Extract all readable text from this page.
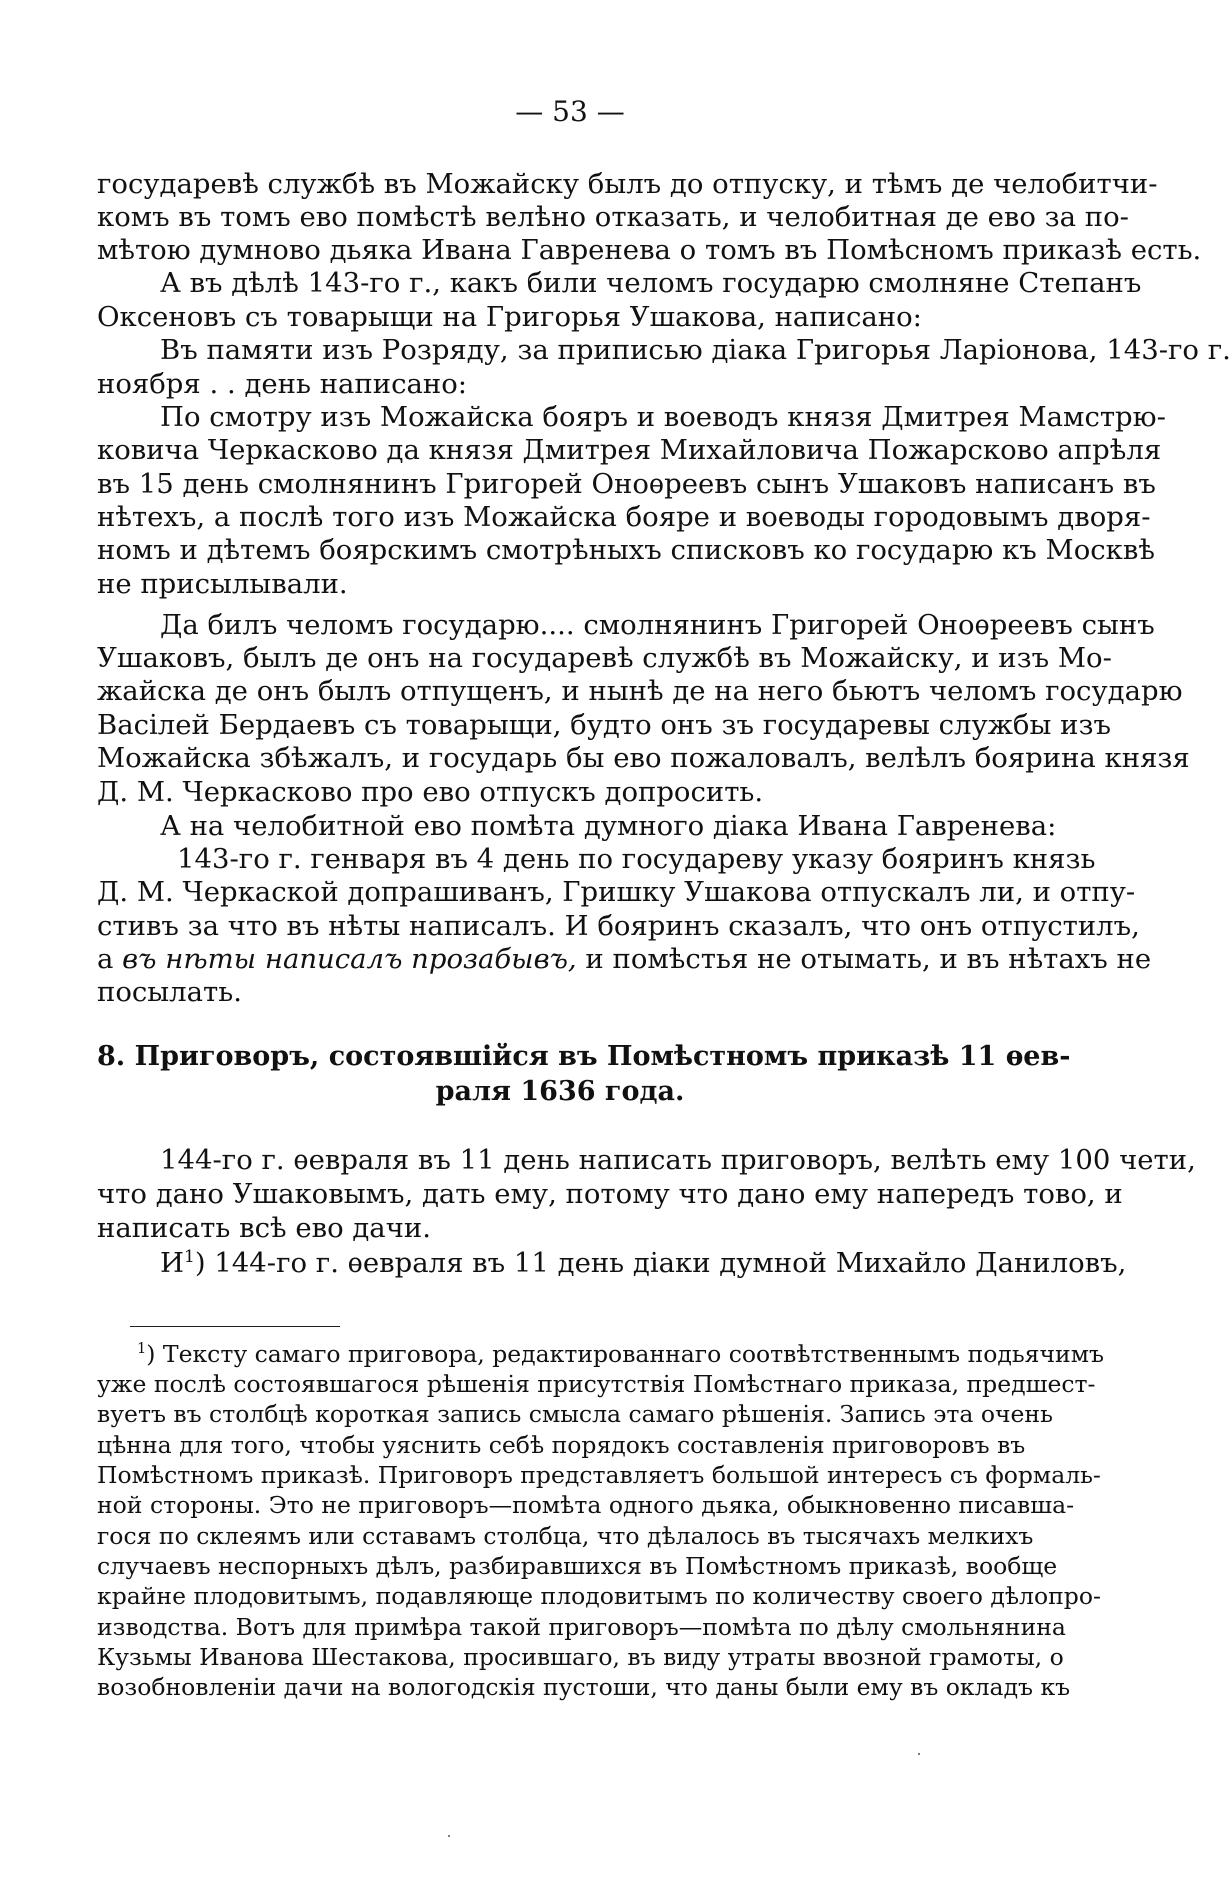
— 53 —
государевѣ службѣ въ Можайску былъ до отпуску, и тѣмъ де челобитчи-
комъ въ томъ ево помѣстѣ велѣно отказать, и челобитная де ево за по-
мѣтою думново дьяка Ивана Гавренева о томъ въ Помѣсномъ приказѣ есть.
А въ дѣлѣ 143-го г., какъ били челомъ государю смолняне Степанъ
Оксеновъ съ товарыщи на Григорья Ушакова, написано:
Въ памяти изъ Розряду, за приписью діака Григорья Ларіонова, 143-го г.
ноября . . день написано:
По смотру изъ Можайска бояръ и воеводъ князя Дмитрея Мамстрю-
ковича Черкасково да князя Дмитрея Михайловича Пожарсково апрѣля
въ 15 день смолнянинъ Григорей Оноѳреевъ сынъ Ушаковъ написанъ въ
нѣтехъ, а послѣ того изъ Можайска бояре и воеводы городовымъ дворя-
номъ и дѣтемъ боярскимъ смотрѣныхъ списковъ ко государю къ Москвѣ
не присылывали.
Да билъ челомъ государю.... смолнянинъ Григорей Оноѳреевъ сынъ
Ушаковъ, былъ де онъ на государевѣ службѣ въ Можайску, и изъ Мо-
жайска де онъ былъ отпущенъ, и нынѣ де на него бьютъ челомъ государю
Васілей Бердаевъ съ товарыщи, будто онъ зъ государевы службы изъ
Можайска збѣжалъ, и государь бы ево пожаловалъ, велѣлъ боярина князя
Д. М. Черкасково про ево отпускъ допросить.
А на челобитной ево помѣта думного діака Ивана Гавренева:
143-го г. генваря въ 4 день по государеву указу бояринъ князь
Д. М. Черкаской допрашиванъ, Гришку Ушакова отпускалъ ли, и отпу-
стивъ за что въ нѣты написалъ. И бояринъ сказалъ, что онъ отпустилъ,
а въ нѣты написалъ прозабывъ, и помѣстья не отымать, и въ нѣтахъ не
посылать.
8. Приговоръ, состоявшійся въ Помѣстномъ приказѣ 11 ѳев-
раля 1636 года.
144-го г. ѳевраля въ 11 день написать приговоръ, велѣть ему 100 чети,
что дано Ушаковымъ, дать ему, потому что дано ему напередъ тово, и
написать всѣ ево дачи.
$И^1$) 144-го г. ѳевраля въ 11 день діаки думной Михайло Даниловъ,
$^1$) Тексту самаго приговора, редактированнаго соотвѣтственнымъ подьячимъ
уже послѣ состоявшагося рѣшенія присутствія Помѣстнаго приказа, предшест-
вуетъ въ столбцѣ короткая запись смысла самаго рѣшенія. Запись эта очень
цѣнна для того, чтобы уяснить себѣ порядокъ составленія приговоровъ въ
Помѣстномъ приказѣ. Приговоръ представляетъ большой интересъ съ формаль-
ной стороны. Это не приговоръ—помѣта одного дьяка, обыкновенно писавша-
гося по склеямъ или сставамъ столбца, что дѣлалось въ тысячахъ мелкихъ
случаевъ неспорныхъ дѣлъ, разбиравшихся въ Помѣстномъ приказѣ, вообще
крайне плодовитымъ, подавляюще плодовитымъ по количеству своего дѣлопро-
изводства. Вотъ для примѣра такой приговоръ—помѣта по дѣлу смольнянина
Кузьмы Иванова Шестакова, просившаго, въ виду утраты ввозной грамоты, о
возобновленіи дачи на вологодскія пустоши, что даны были ему въ окладъ къ
